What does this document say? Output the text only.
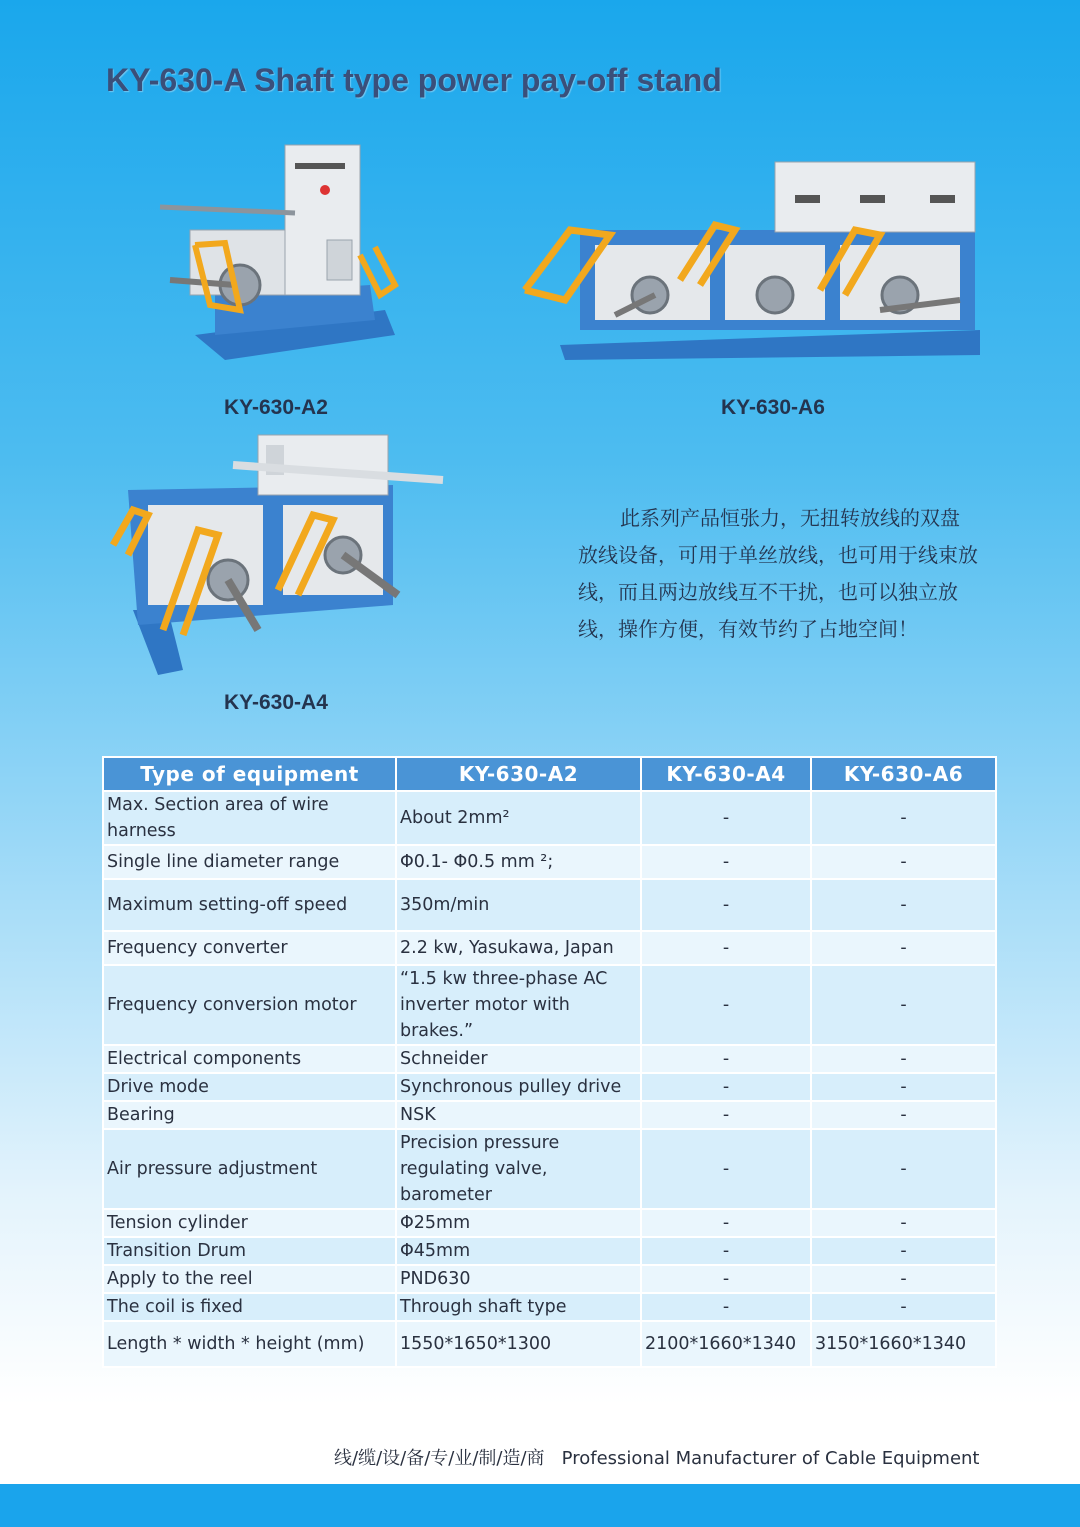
KY-630-A Shaft type power pay-off stand
KY-630-A2	KY-630-A6
KY-630-A4

此系列产品恒张力，无扭转放线的双盘放线设备，可用于单丝放线，也可用于线束放线，而且两边放线互不干扰，也可以独立放线，操作方便，有效节约了占地空间！

Type of equipment	KY-630-A2	KY-630-A4	KY-630-A6
Max. Section area of wire harness	About 2mm²	-	-
Single line diameter range	Φ0.1- Φ0.5 mm ²;	-	-
Maximum setting-off speed	350m/min	-	-
Frequency converter	2.2 kw, Yasukawa, Japan	-	-
Frequency conversion motor	“1.5 kw three-phase AC inverter motor with brakes.”	-	-
Electrical components	Schneider	-	-
Drive mode	Synchronous pulley drive	-	-
Bearing	NSK	-	-
Air pressure adjustment	Precision pressure regulating valve, barometer	-	-
Tension cylinder	Φ25mm	-	-
Transition Drum	Φ45mm	-	-
Apply to the reel	PND630	-	-
The coil is fixed	Through shaft type	-	-
Length * width * height (mm)	1550*1650*1300	2100*1660*1340	3150*1660*1340
线/缆/设/备/专/业/制/造/商   Professional Manufacturer of Cable Equipment
